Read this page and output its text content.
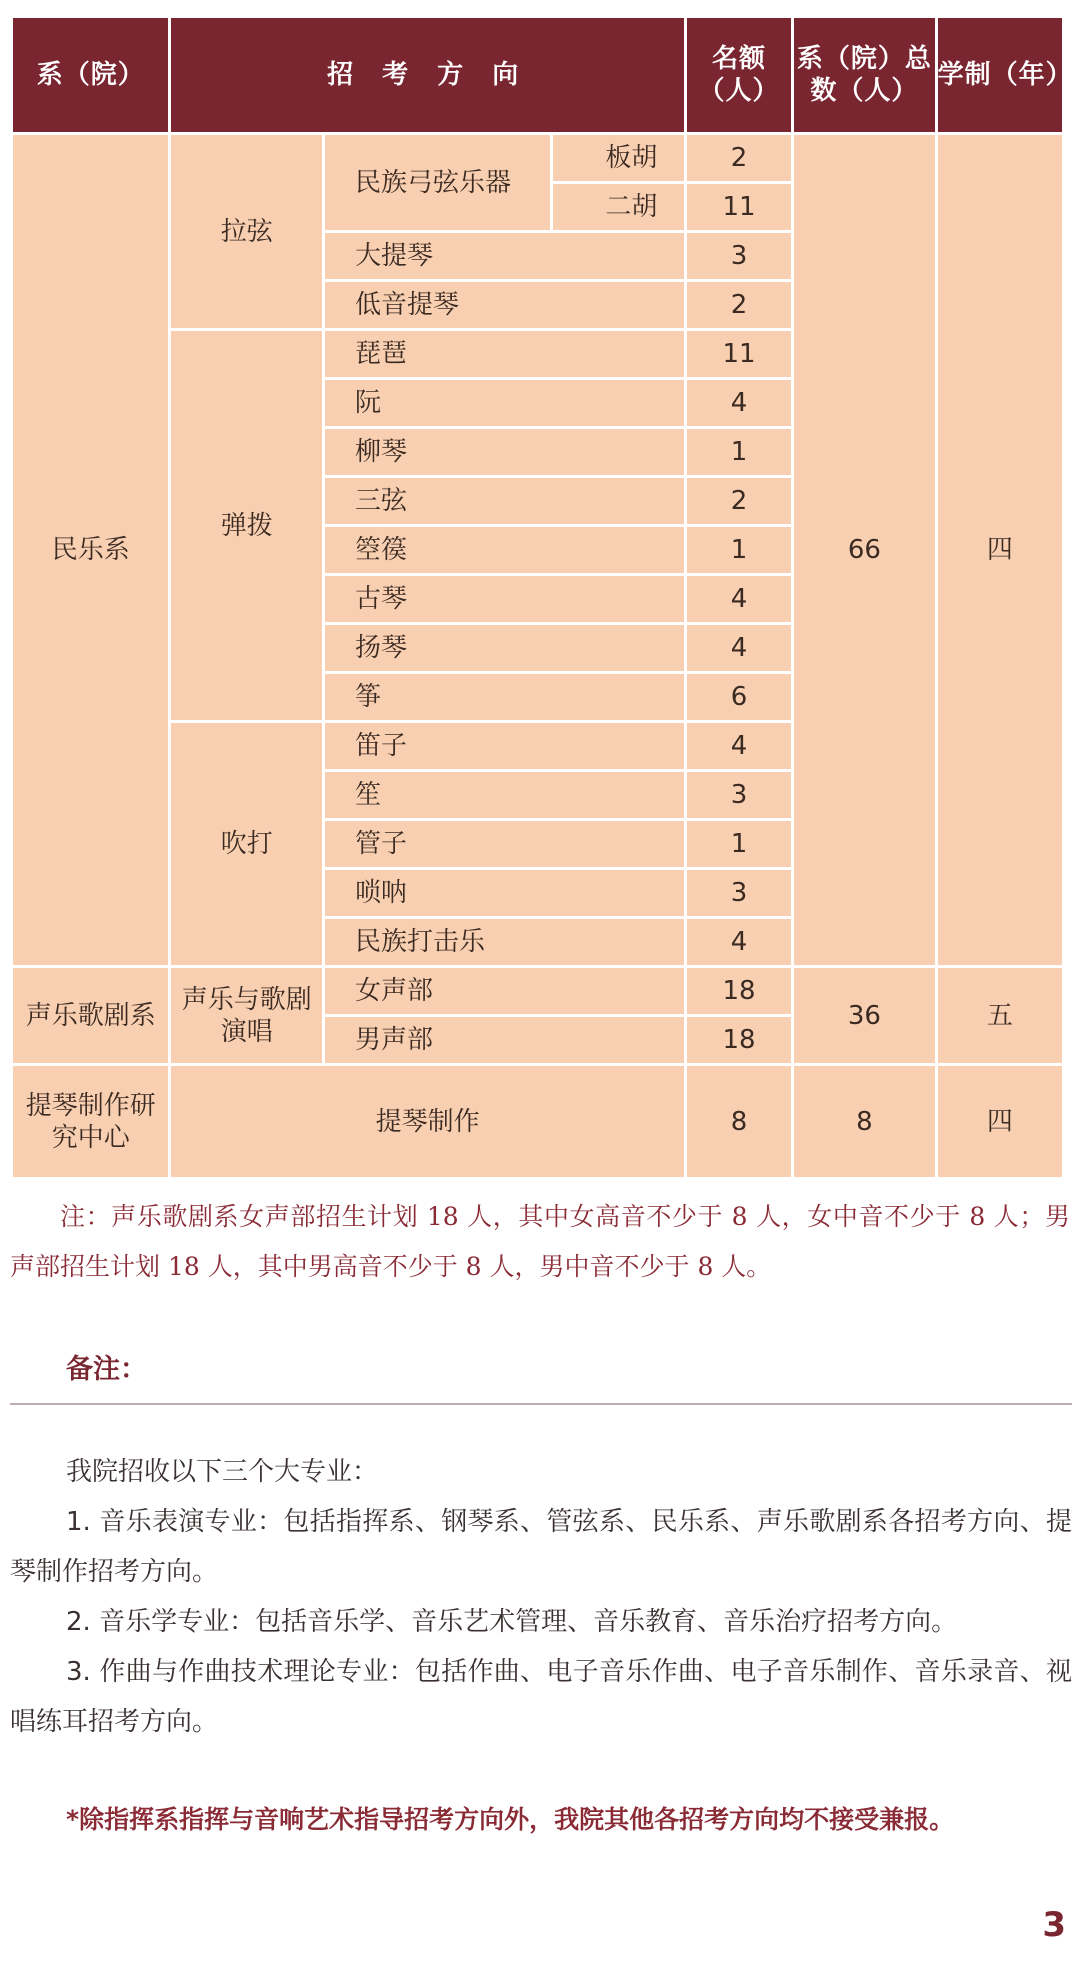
系（院）	招 考 方 向			名额（人）	系（院）总数（人）	学制（年）
民乐系	拉弦	民族弓弦乐器	板胡	2	66	四
			二胡	11		
		大提琴		3		
		低音提琴		2		
	弹拨	琵琶		11		
		阮		4		
		柳琴		1		
		三弦		2		
		箜篌		1		
		古琴		4		
		扬琴		4		
		筝		6		
	吹打	笛子		4		
		笙		3		
		管子		1		
		唢呐		3		
		民族打击乐		4		
声乐歌剧系	声乐与歌剧演唱	女声部		18	36	五
		男声部		18		
提琴制作研究中心	提琴制作			8	8	四

注：声乐歌剧系女声部招生计划 18 人，其中女高音不少于 8 人，女中音不少于 8 人；男声部招生计划 18 人，其中男高音不少于 8 人，男中音不少于 8 人。

备注：

我院招收以下三个大专业：

1. 音乐表演专业：包括指挥系、钢琴系、管弦系、民乐系、声乐歌剧系各招考方向、提琴制作招考方向。

2. 音乐学专业：包括音乐学、音乐艺术管理、音乐教育、音乐治疗招考方向。

3. 作曲与作曲技术理论专业：包括作曲、电子音乐作曲、电子音乐制作、音乐录音、视唱练耳招考方向。

*除指挥系指挥与音响艺术指导招考方向外，我院其他各招考方向均不接受兼报。
3
